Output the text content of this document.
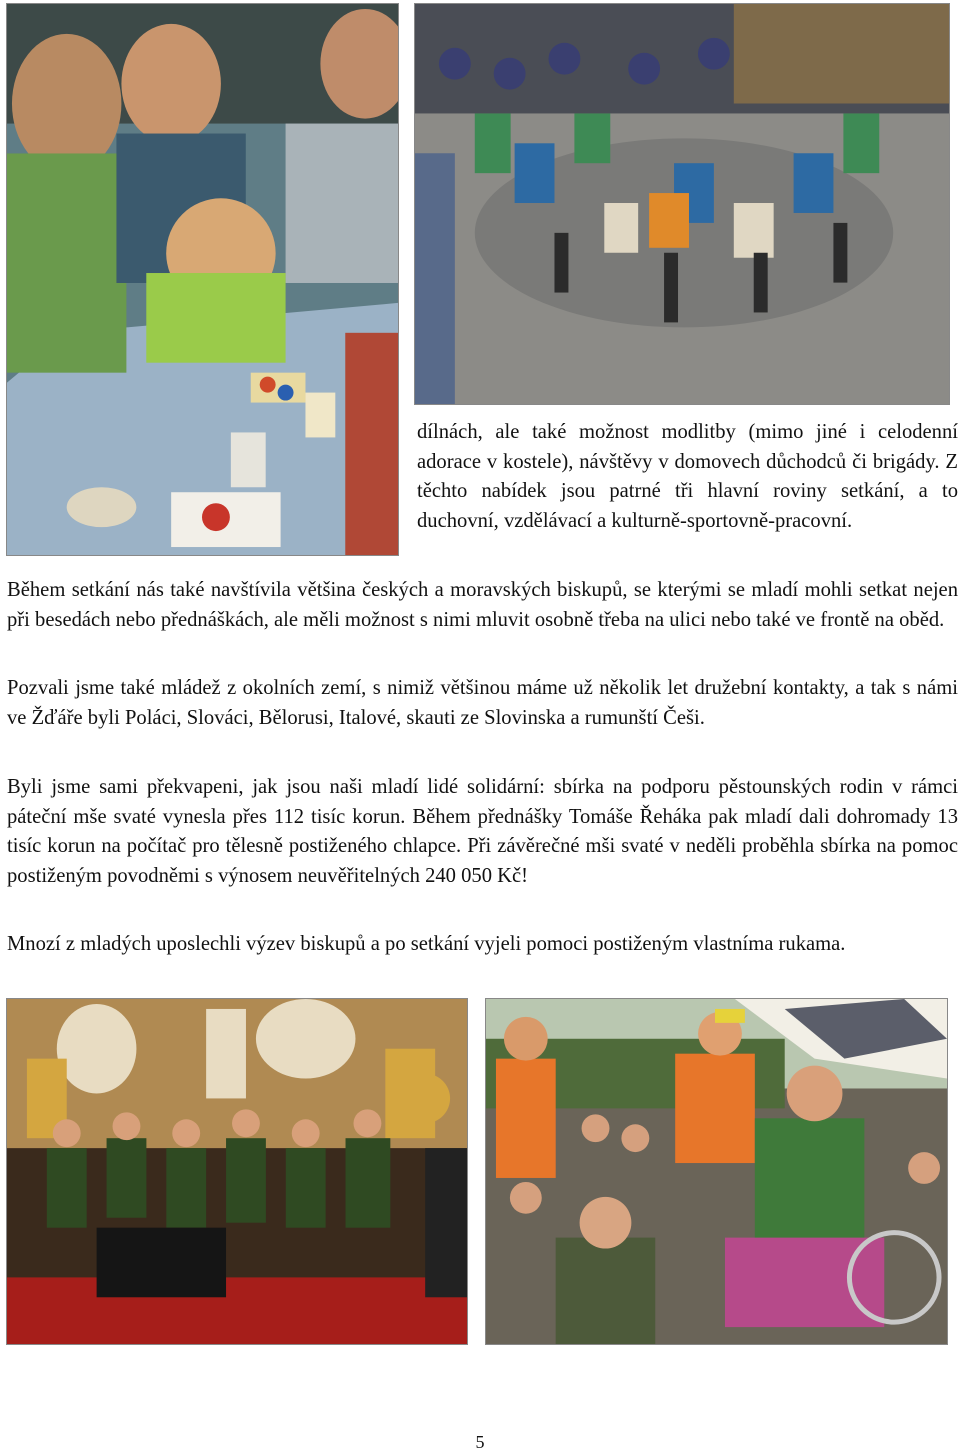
dílnách, ale také možnost modlitby (mimo jiné i celodenní adorace v kostele), návštěvy v domovech důchodců či brigády. Z těchto nabídek jsou patrné tři hlavní roviny setkání, a to duchovní, vzdělávací a kulturně-sportovně-pracovní.

Během setkání nás také navštívila většina českých a moravských biskupů, se kterými se mladí mohli setkat nejen při besedách nebo přednáškách, ale měli možnost s nimi mluvit osobně třeba na ulici nebo také ve frontě na oběd.

Pozvali jsme také mládež z okolních zemí, s nimiž většinou máme už několik let družební kontakty, a tak s námi ve Žďáře byli Poláci, Slováci, Bělorusi, Italové, skauti ze Slovinska a rumunští Češi.

Byli jsme sami překvapeni, jak jsou naši mladí lidé solidární: sbírka na podporu pěstounských rodin v rámci páteční mše svaté vynesla přes 112 tisíc korun. Během přednášky Tomáše Řeháka pak mladí dali dohromady 13 tisíc korun na počítač pro tělesně postiženého chlapce. Při závěrečné mši svaté v neděli proběhla sbírka na pomoc postiženým povodněmi s výnosem neuvěřitelných 240 050 Kč!

Mnozí z mladých uposlechli výzev biskupů a po setkání vyjeli pomoci postiženým vlastníma rukama.

5
